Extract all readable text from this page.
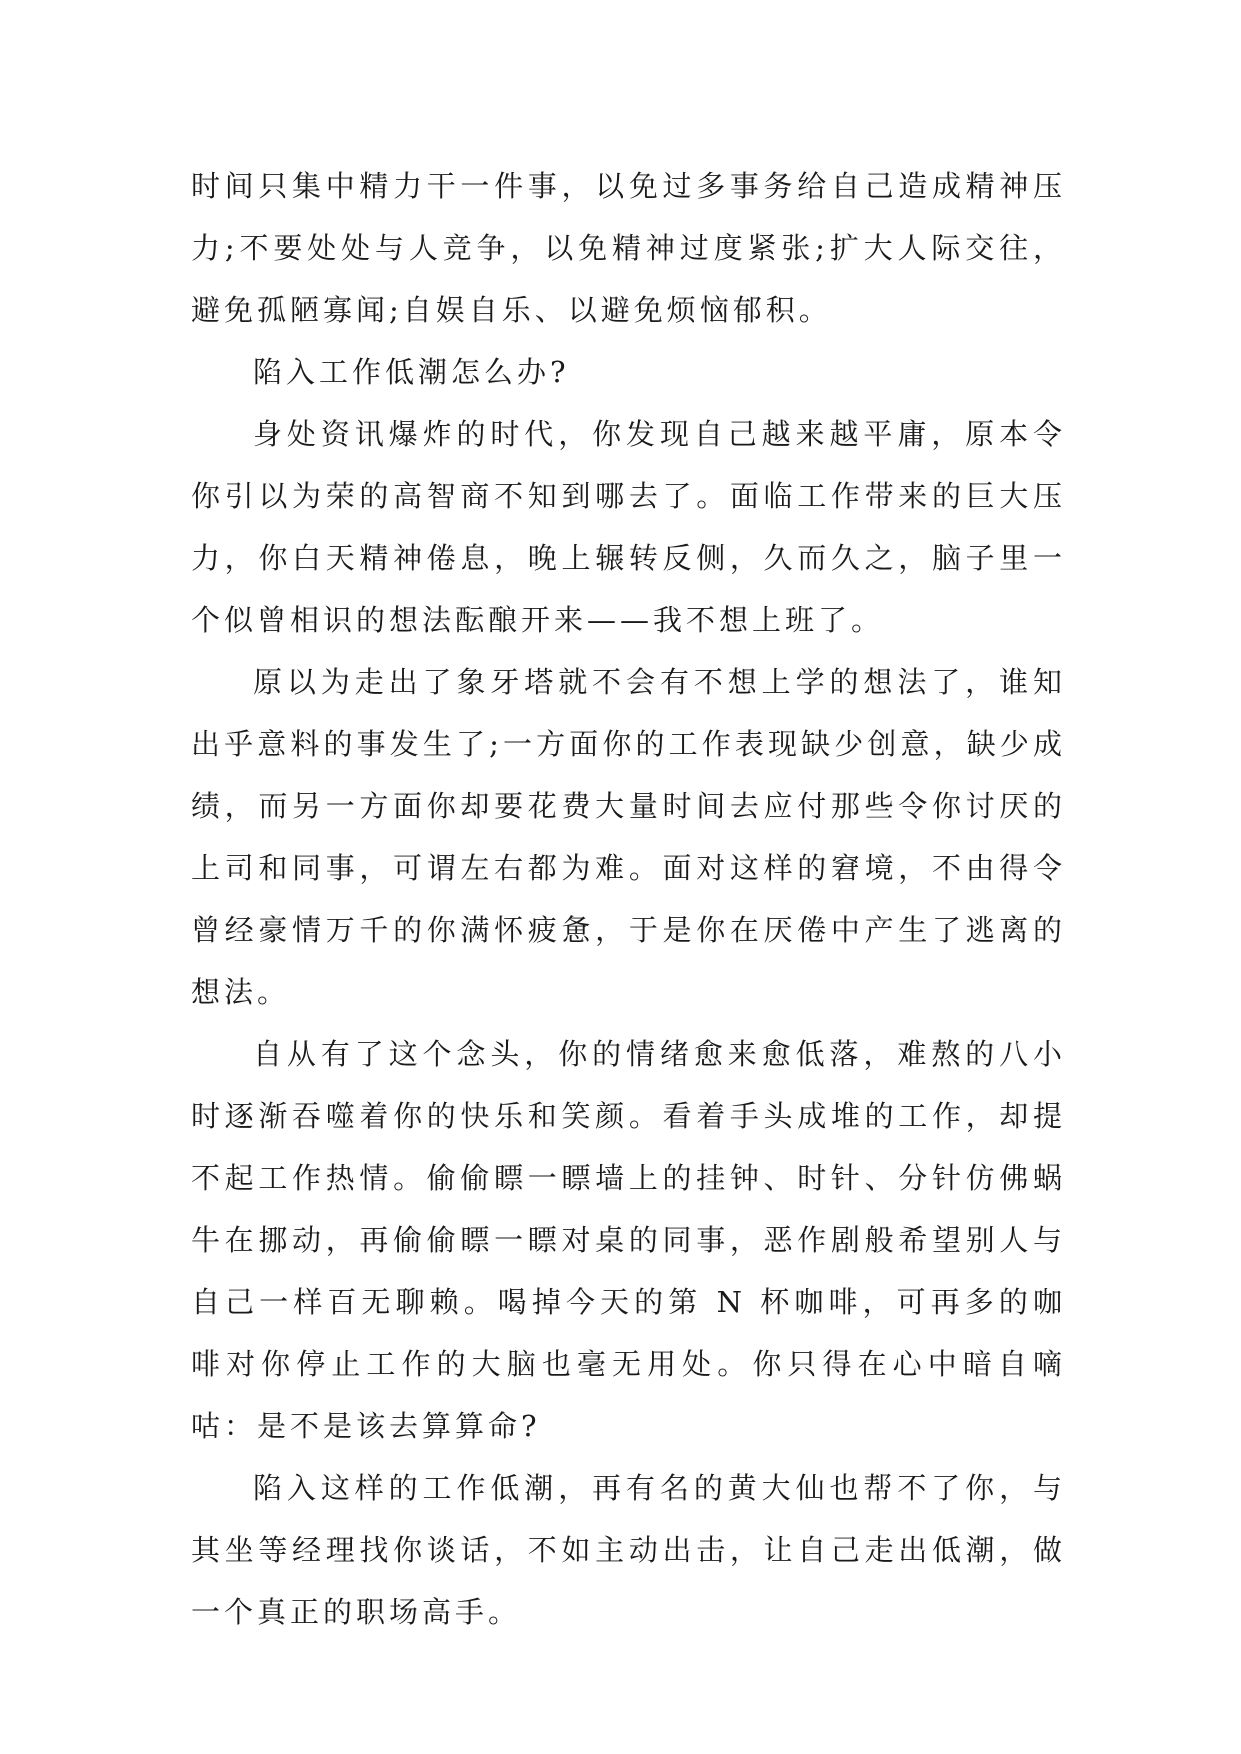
时间只集中精力干一件事，以免过多事务给自己造成精神压力;不要处处与人竞争，以免精神过度紧张;扩大人际交往，避免孤陋寡闻;自娱自乐、以避免烦恼郁积。

陷入工作低潮怎么办?

身处资讯爆炸的时代，你发现自己越来越平庸，原本令你引以为荣的高智商不知到哪去了。面临工作带来的巨大压力，你白天精神倦息，晚上辗转反侧，久而久之，脑子里一个似曾相识的想法酝酿开来——我不想上班了。

原以为走出了象牙塔就不会有不想上学的想法了，谁知出乎意料的事发生了;一方面你的工作表现缺少创意，缺少成绩，而另一方面你却要花费大量时间去应付那些令你讨厌的上司和同事，可谓左右都为难。面对这样的窘境，不由得令曾经豪情万千的你满怀疲惫，于是你在厌倦中产生了逃离的想法。

自从有了这个念头，你的情绪愈来愈低落，难熬的八小时逐渐吞噬着你的快乐和笑颜。看着手头成堆的工作，却提不起工作热情。偷偷瞟一瞟墙上的挂钟、时针、分针仿佛蜗牛在挪动，再偷偷瞟一瞟对桌的同事，恶作剧般希望别人与自己一样百无聊赖。喝掉今天的第 N 杯咖啡，可再多的咖啡对你停止工作的大脑也毫无用处。你只得在心中暗自嘀咕：是不是该去算算命?

陷入这样的工作低潮，再有名的黄大仙也帮不了你，与其坐等经理找你谈话，不如主动出击，让自己走出低潮，做一个真正的职场高手。
